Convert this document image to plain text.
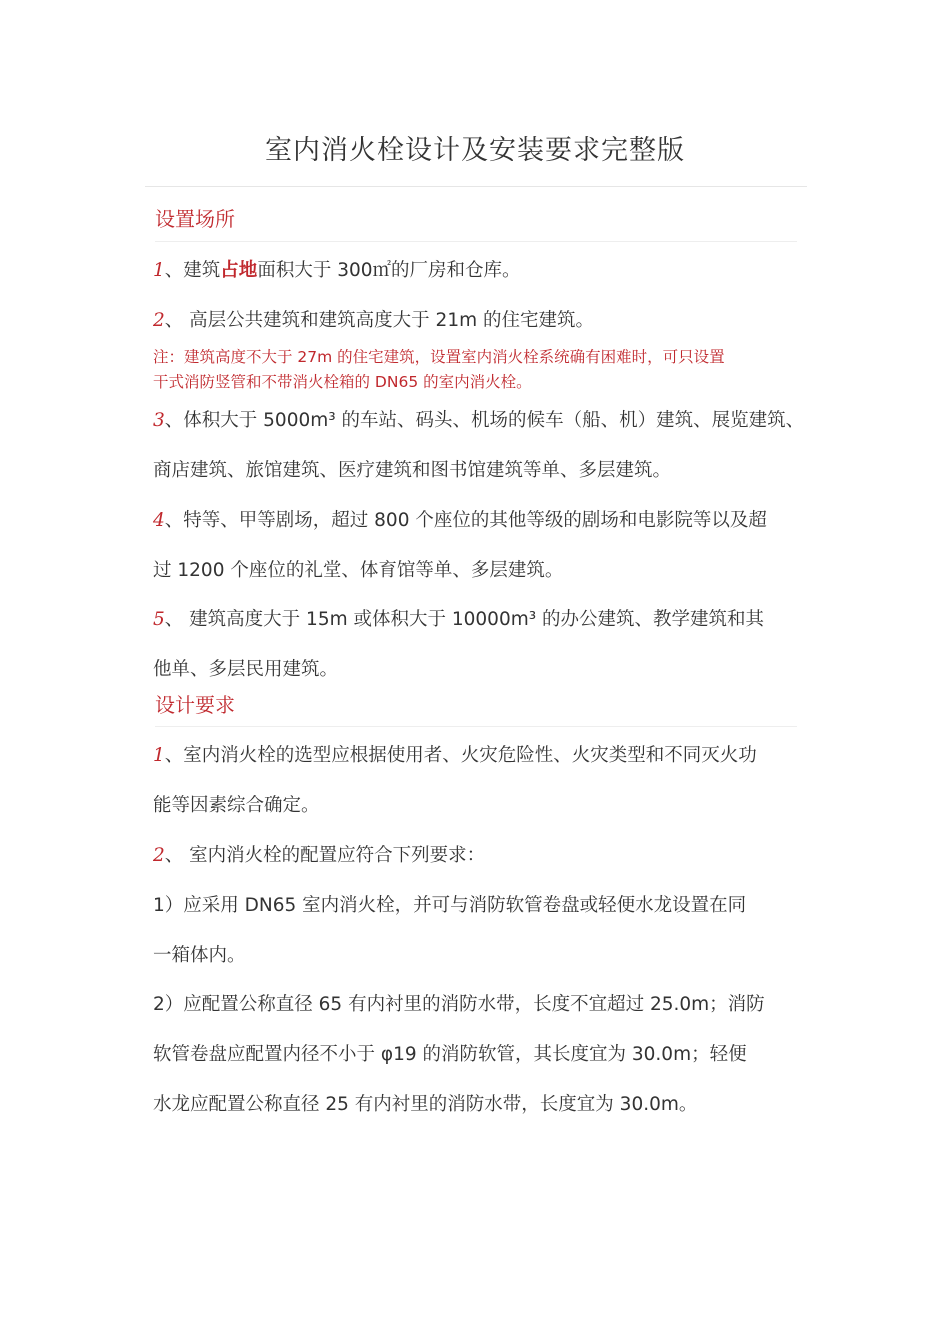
室内消火栓设计及安装要求完整版
设置场所
1、建筑占地面积大于 300㎡的厂房和仓库。
2、 高层公共建筑和建筑高度大于 21m 的住宅建筑。
注：建筑高度不大于 27m 的住宅建筑，设置室内消火栓系统确有困难时，可只设置
干式消防竖管和不带消火栓箱的 DN65 的室内消火栓。
3、体积大于 5000m³ 的车站、码头、机场的候车（船、机）建筑、展览建筑、
商店建筑、旅馆建筑、医疗建筑和图书馆建筑等单、多层建筑。
4、特等、甲等剧场，超过 800 个座位的其他等级的剧场和电影院等以及超
过 1200 个座位的礼堂、体育馆等单、多层建筑。
5、 建筑高度大于 15m 或体积大于 10000m³ 的办公建筑、教学建筑和其
他单、多层民用建筑。
设计要求
1、室内消火栓的选型应根据使用者、火灾危险性、火灾类型和不同灭火功
能等因素综合确定。
2、 室内消火栓的配置应符合下列要求：
1）应采用 DN65 室内消火栓，并可与消防软管卷盘或轻便水龙设置在同
一箱体内。
2）应配置公称直径 65 有内衬里的消防水带，长度不宜超过 25.0m；消防
软管卷盘应配置内径不小于 φ19 的消防软管，其长度宜为 30.0m；轻便
水龙应配置公称直径 25 有内衬里的消防水带，长度宜为 30.0m。
